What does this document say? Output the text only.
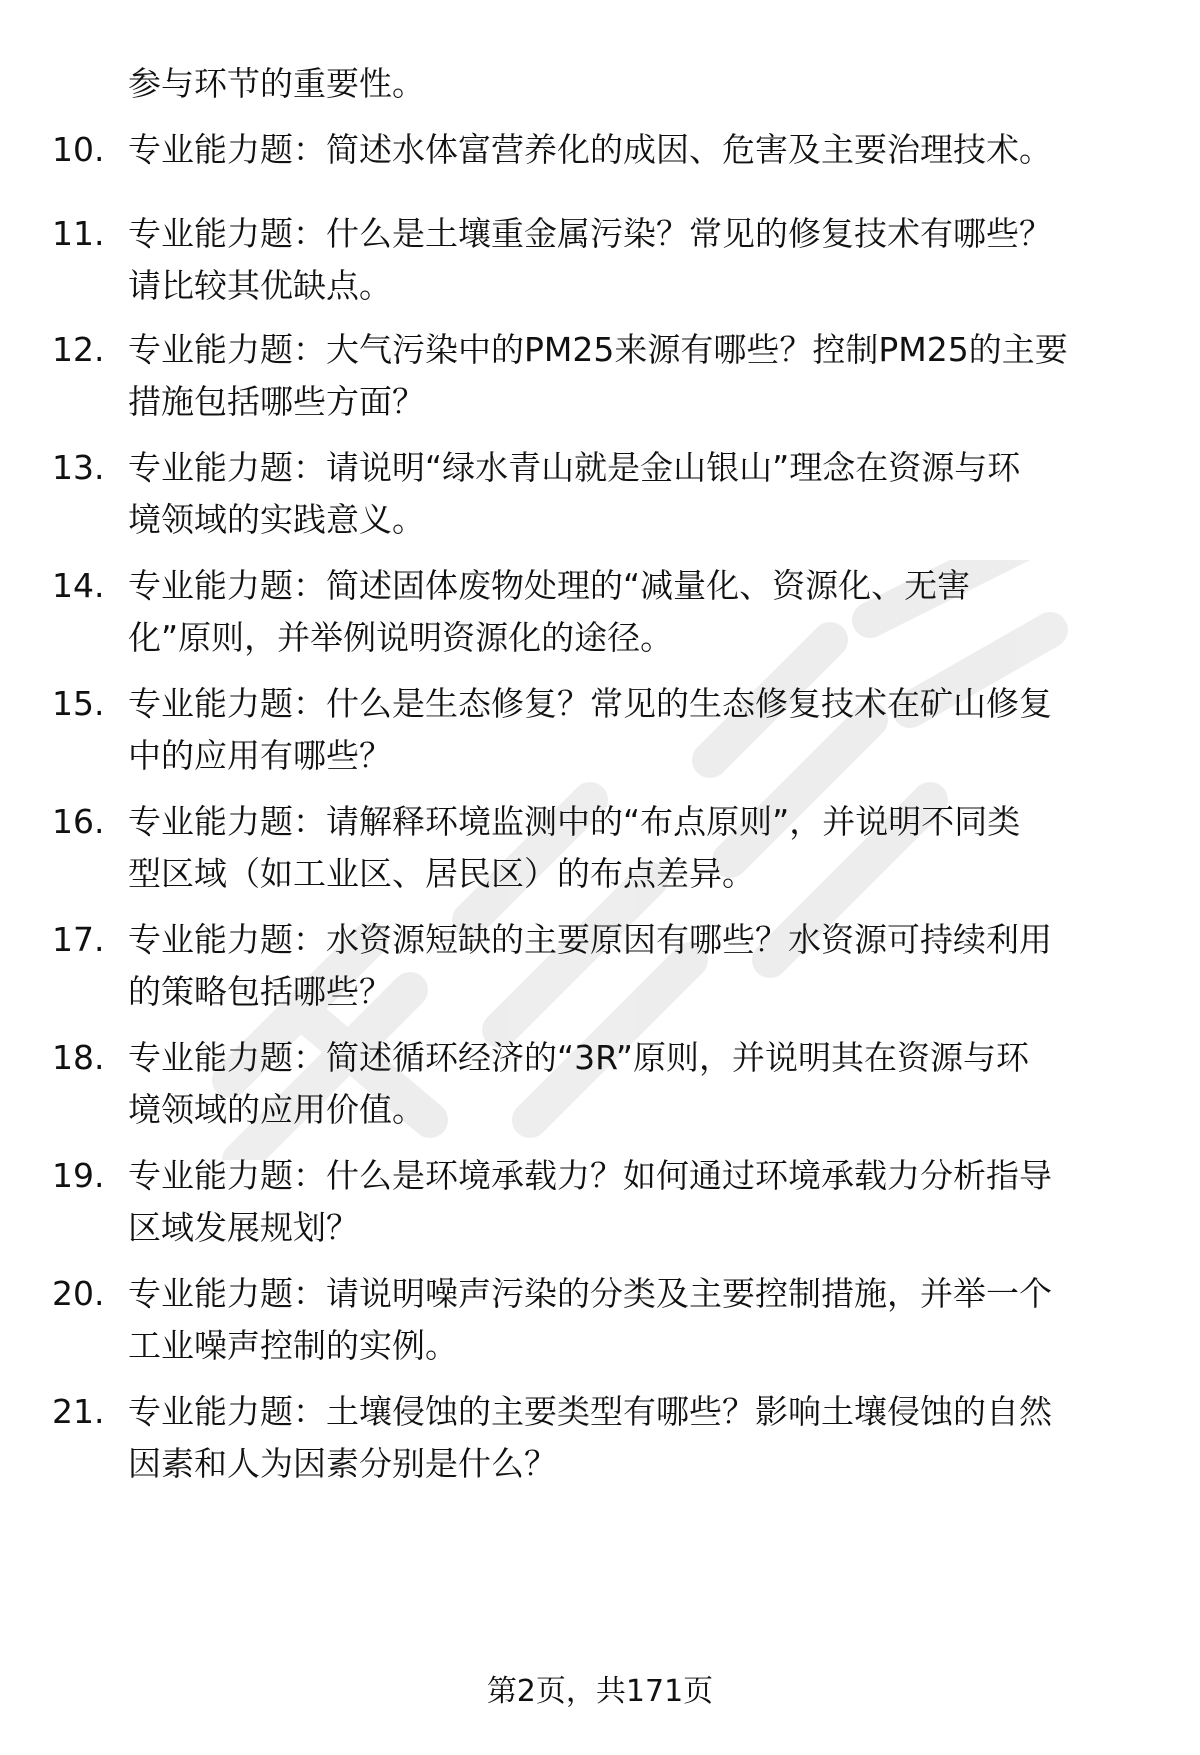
参与环节的重要性。
10. 专业能力题：简述水体富营养化的成因、危害及主要治理技术。
11. 专业能力题：什么是土壤重金属污染？常见的修复技术有哪些？
请比较其优缺点。
12. 专业能力题：大气污染中的PM25来源有哪些？控制PM25的主要
措施包括哪些方面？
13. 专业能力题：请说明“绿水青山就是金山银山”理念在资源与环
境领域的实践意义。
14. 专业能力题：简述固体废物处理的“减量化、资源化、无害
化”原则，并举例说明资源化的途径。
15. 专业能力题：什么是生态修复？常见的生态修复技术在矿山修复
中的应用有哪些？
16. 专业能力题：请解释环境监测中的“布点原则”，并说明不同类
型区域（如工业区、居民区）的布点差异。
17. 专业能力题：水资源短缺的主要原因有哪些？水资源可持续利用
的策略包括哪些？
18. 专业能力题：简述循环经济的“3R”原则，并说明其在资源与环
境领域的应用价值。
19. 专业能力题：什么是环境承载力？如何通过环境承载力分析指导
区域发展规划？
20. 专业能力题：请说明噪声污染的分类及主要控制措施，并举一个
工业噪声控制的实例。
21. 专业能力题：土壤侵蚀的主要类型有哪些？影响土壤侵蚀的自然
因素和人为因素分别是什么？
第2页，共171页
